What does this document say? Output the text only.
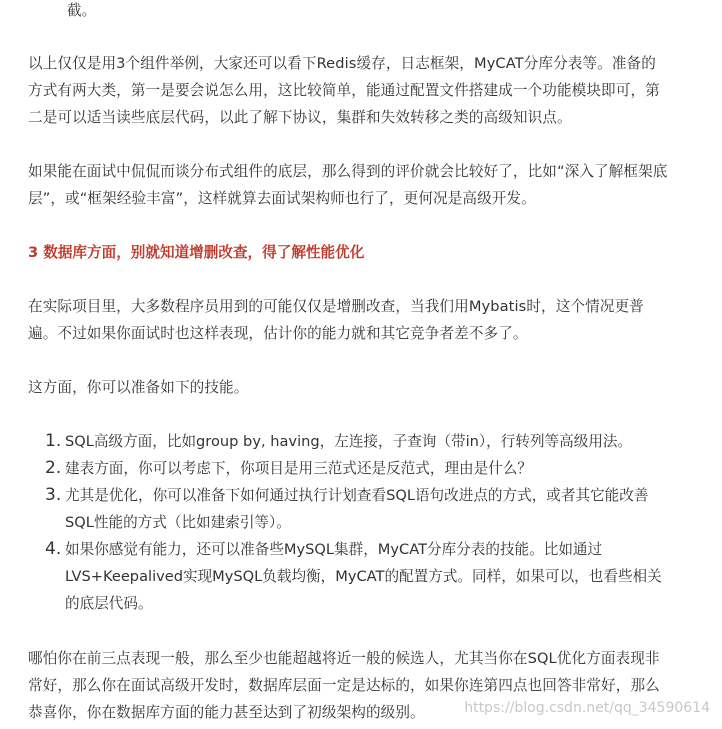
截。
以上仅仅是用3个组件举例，大家还可以看下Redis缓存，日志框架，MyCAT分库分表等。准备的
方式有两大类，第一是要会说怎么用，这比较简单，能通过配置文件搭建成一个功能模块即可，第
二是可以适当读些底层代码，以此了解下协议，集群和失效转移之类的高级知识点。
如果能在面试中侃侃而谈分布式组件的底层，那么得到的评价就会比较好了，比如“深入了解框架底
层”，或“框架经验丰富”，这样就算去面试架构师也行了，更何况是高级开发。
3 数据库方面，别就知道增删改查，得了解性能优化
在实际项目里，大多数程序员用到的可能仅仅是增删改查，当我们用Mybatis时，这个情况更普
遍。不过如果你面试时也这样表现，估计你的能力就和其它竞争者差不多了。
这方面，你可以准备如下的技能。
1. SQL高级方面，比如group by, having，左连接，子查询（带in），行转列等高级用法。
2. 建表方面，你可以考虑下，你项目是用三范式还是反范式，理由是什么？
3. 尤其是优化，你可以准备下如何通过执行计划查看SQL语句改进点的方式，或者其它能改善
SQL性能的方式（比如建索引等）。
4. 如果你感觉有能力，还可以准备些MySQL集群，MyCAT分库分表的技能。比如通过
LVS+Keepalived实现MySQL负载均衡，MyCAT的配置方式。同样，如果可以，也看些相关
的底层代码。
哪怕你在前三点表现一般，那么至少也能超越将近一般的候选人，尤其当你在SQL优化方面表现非
常好，那么你在面试高级开发时，数据库层面一定是达标的，如果你连第四点也回答非常好，那么
恭喜你，你在数据库方面的能力甚至达到了初级架构的级别。	https://blog.csdn.net/qq_34590614
